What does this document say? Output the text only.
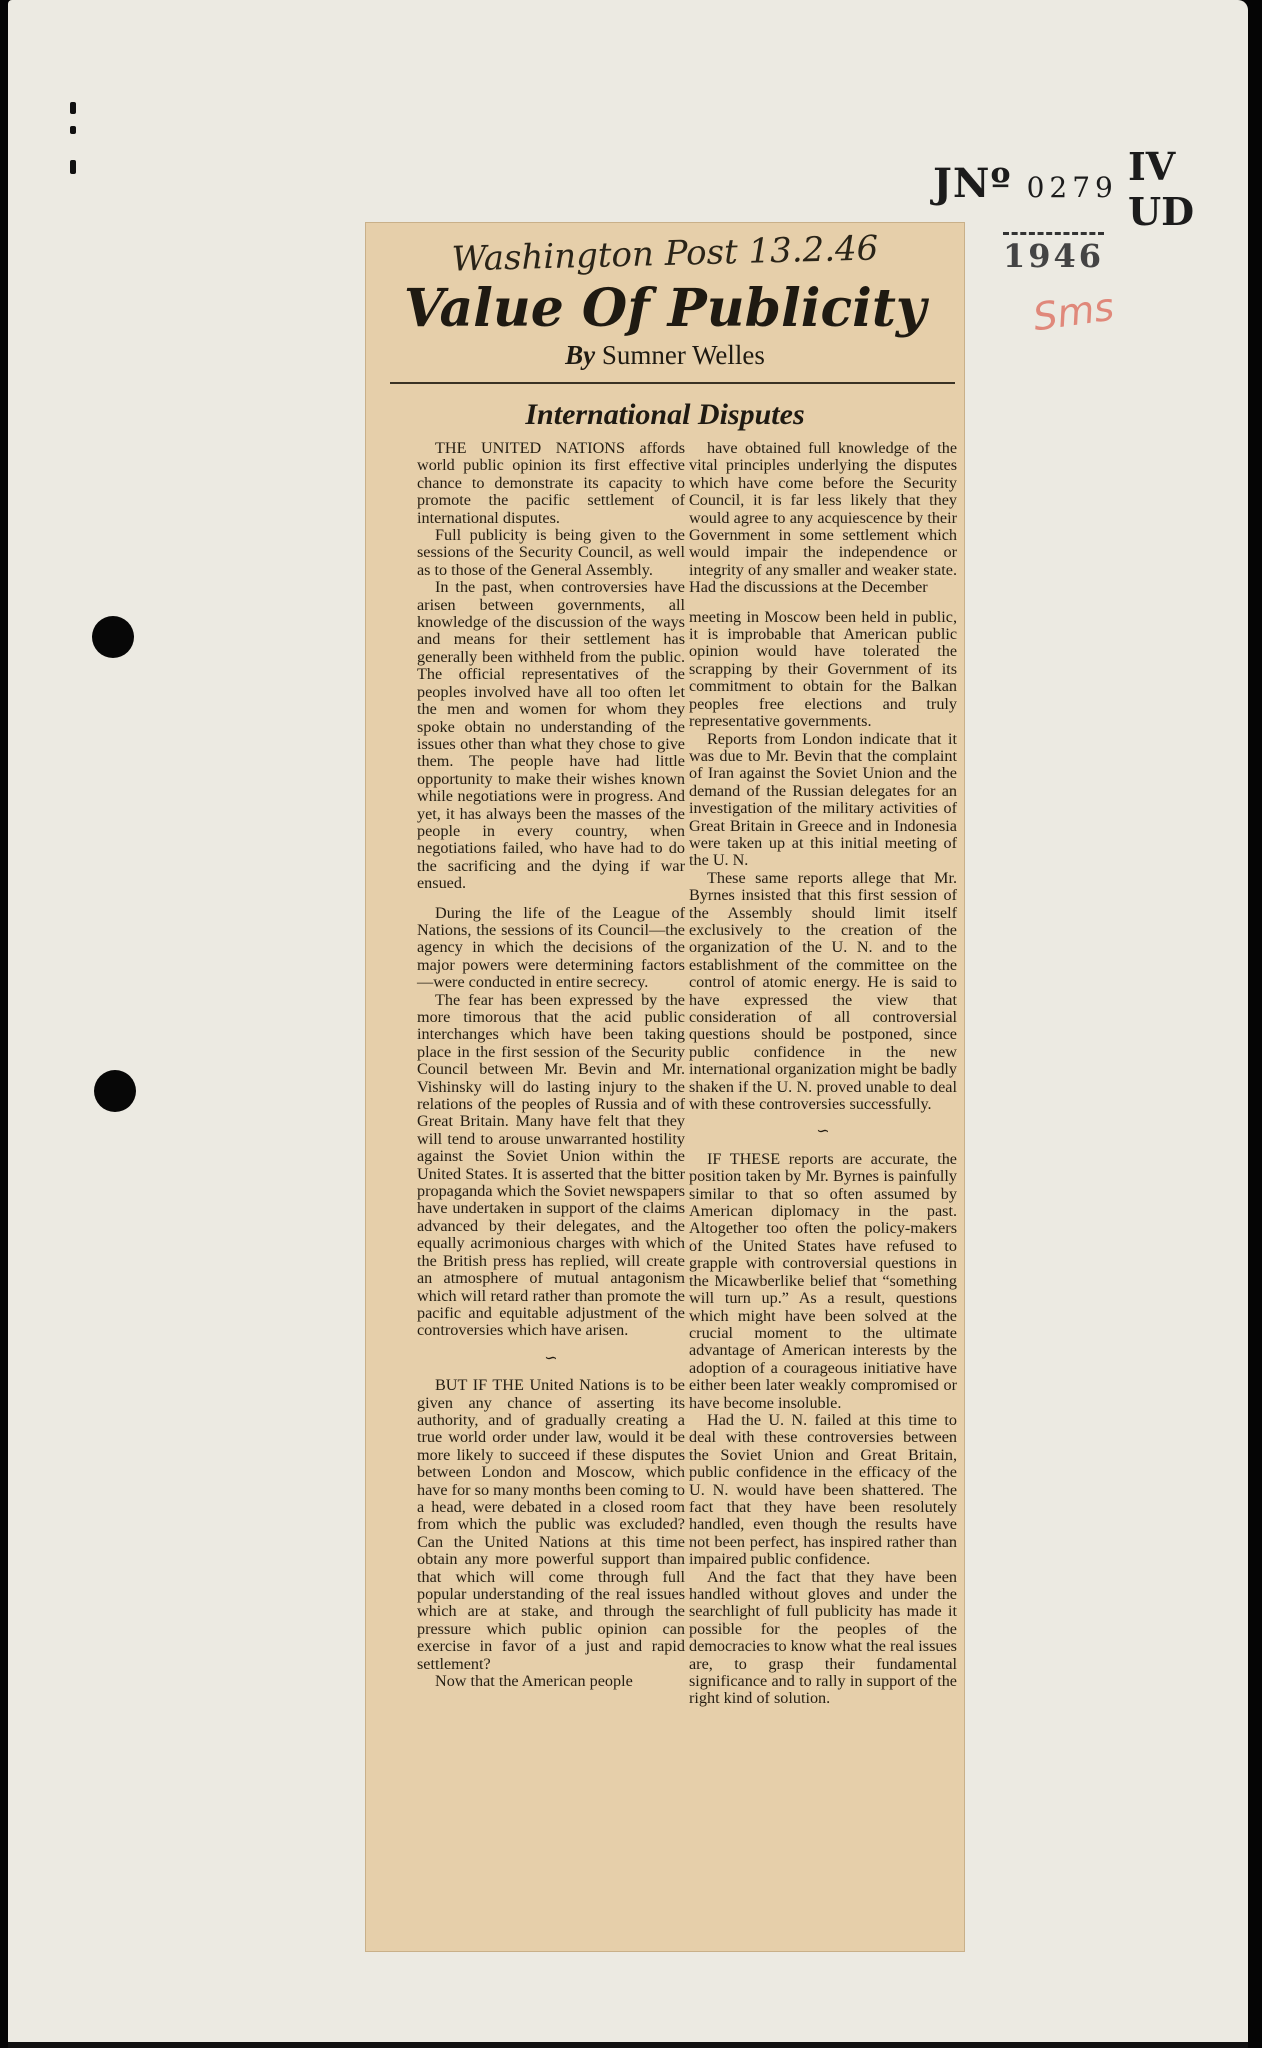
JNº 0279 IV UD
1946
Sms
Washington Post 13.2.46
Value Of Publicity
By Sumner Welles
International Disputes

THE UNITED NATIONS affords world public opinion its first effective chance to demonstrate its capacity to promote the pacific settlement of international disputes.

Full publicity is being given to the sessions of the Security Council, as well as to those of the General Assembly.

In the past, when controversies have arisen between governments, all knowledge of the discussion of the ways and means for their settlement has generally been withheld from the public. The official representatives of the peoples involved have all too often let the men and women for whom they spoke obtain no understanding of the issues other than what they chose to give them. The people have had little opportunity to make their wishes known while negotiations were in progress. And yet, it has always been the masses of the people in every country, when negotiations failed, who have had to do the sacrificing and the dying if war ensued.

During the life of the League of Nations, the sessions of its Council—the agency in which the decisions of the major powers were determining factors—were conducted in entire secrecy.

The fear has been expressed by the more timorous that the acid public interchanges which have been taking place in the first session of the Security Council between Mr. Bevin and Mr. Vishinsky will do lasting injury to the relations of the peoples of Russia and of Great Britain. Many have felt that they will tend to arouse unwarranted hostility against the Soviet Union within the United States. It is asserted that the bitter propaganda which the Soviet newspapers have undertaken in support of the claims advanced by their delegates, and the equally acrimonious charges with which the British press has replied, will create an atmosphere of mutual antagonism which will retard rather than promote the pacific and equitable adjustment of the controversies which have arisen.

∽

BUT IF THE United Nations is to be given any chance of asserting its authority, and of gradually creating a true world order under law, would it be more likely to succeed if these disputes between London and Moscow, which have for so many months been coming to a head, were debated in a closed room from which the public was excluded? Can the United Nations at this time obtain any more powerful support than that which will come through full popular understanding of the real issues which are at stake, and through the pressure which public opinion can exercise in favor of a just and rapid settlement?

Now that the American people

have obtained full knowledge of the vital principles underlying the disputes which have come before the Security Council, it is far less likely that they would agree to any acquiescence by their Government in some settlement which would impair the independence or integrity of any smaller and weaker state. Had the discussions at the December

meeting in Moscow been held in public, it is improbable that American public opinion would have tolerated the scrapping by their Government of its commitment to obtain for the Balkan peoples free elections and truly representative governments.

Reports from London indicate that it was due to Mr. Bevin that the complaint of Iran against the Soviet Union and the demand of the Russian delegates for an investigation of the military activities of Great Britain in Greece and in Indonesia were taken up at this initial meeting of the U. N.

These same reports allege that Mr. Byrnes insisted that this first session of the Assembly should limit itself exclusively to the creation of the organization of the U. N. and to the establishment of the committee on the control of atomic energy. He is said to have expressed the view that consideration of all controversial questions should be postponed, since public confidence in the new international organization might be badly shaken if the U. N. proved unable to deal with these controversies successfully.

∽

IF THESE reports are accurate, the position taken by Mr. Byrnes is painfully similar to that so often assumed by American diplomacy in the past. Altogether too often the policy-makers of the United States have refused to grapple with controversial questions in the Micawberlike belief that “something will turn up.” As a result, questions which might have been solved at the crucial moment to the ultimate advantage of American interests by the adoption of a courageous initiative have either been later weakly compromised or have become insoluble.

Had the U. N. failed at this time to deal with these controversies between the Soviet Union and Great Britain, public confidence in the efficacy of the U. N. would have been shattered. The fact that they have been resolutely handled, even though the results have not been perfect, has inspired rather than impaired public confidence.

And the fact that they have been handled without gloves and under the searchlight of full publicity has made it possible for the peoples of the democracies to know what the real issues are, to grasp their fundamental significance and to rally in support of the right kind of solution.
